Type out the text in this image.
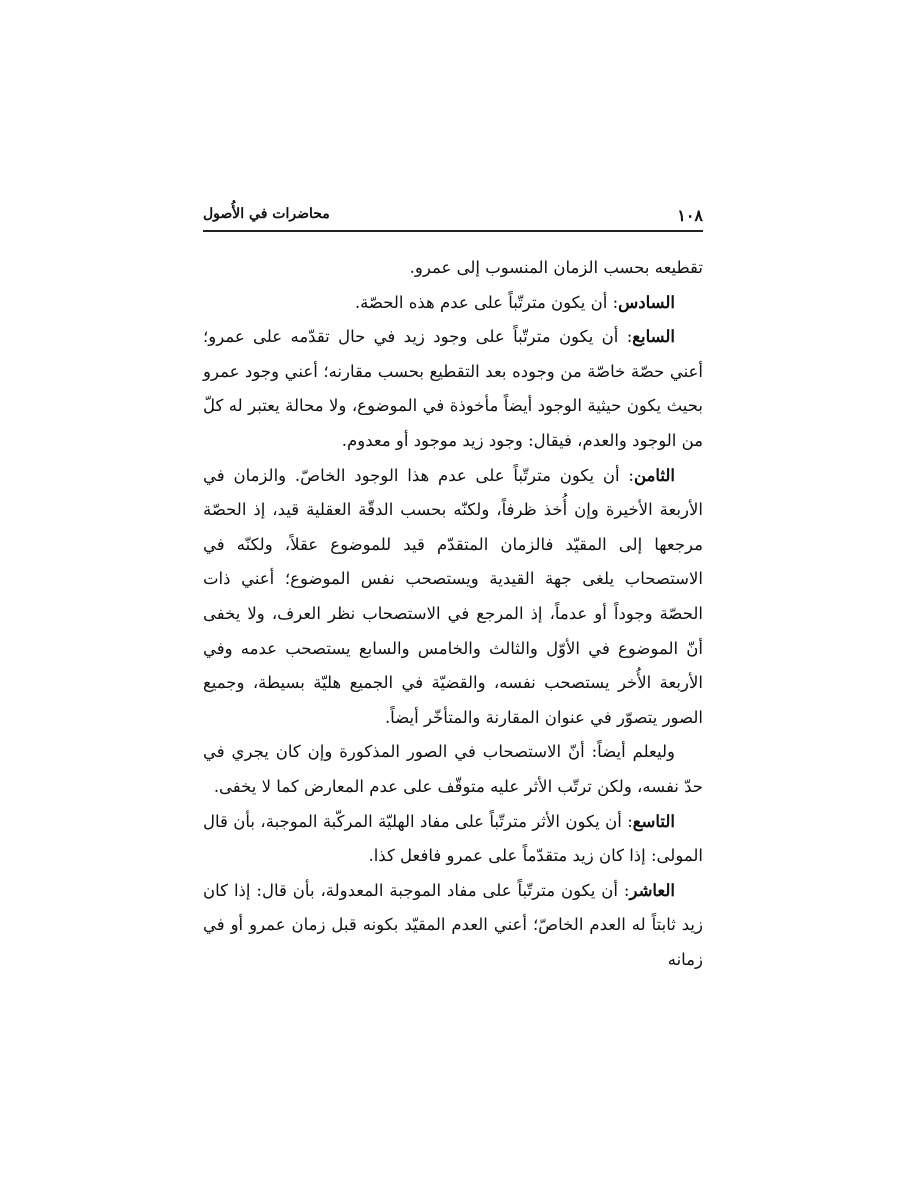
١٠٨
محاضرات في الأُصول

تقطيعه بحسب الزمان المنسوب إلى عمرو.

السادس: أن يكون مترتّباً على عدم هذه الحصّة.

السابع: أن يكون مترتّباً على وجود زيد في حال تقدّمه على عمرو؛ أعني حصّة خاصّة من وجوده بعد التقطيع بحسب مقارنه؛ أعني وجود عمرو بحيث يكون حيثية الوجود أيضاً مأخوذة في الموضوع، ولا محالة يعتبر له كلّ من الوجود والعدم، فيقال: وجود زيد موجود أو معدوم.

الثامن: أن يكون مترتّباً على عدم هذا الوجود الخاصّ. والزمان في الأربعة الأخيرة وإن أُخذ ظرفاً، ولكنّه بحسب الدقّة العقلية قيد، إذ الحصّة مرجعها إلى المقيّد فالزمان المتقدّم قيد للموضوع عقلاً، ولكنّه في الاستصحاب يلغى جهة القيدية ويستصحب نفس الموضوع؛ أعني ذات الحصّة وجوداً أو عدماً، إذ المرجع في الاستصحاب نظر العرف، ولا يخفى أنّ الموضوع في الأوّل والثالث والخامس والسابع يستصحب عدمه وفي الأربعة الأُخر يستصحب نفسه، والقضيّة في الجميع هليّة بسيطة، وجميع الصور يتصوّر في عنوان المقارنة والمتأخّر أيضاً.

وليعلم أيضاً: أنّ الاستصحاب في الصور المذكورة وإن كان يجري في حدّ نفسه، ولكن ترتّب الأثر عليه متوقّف على عدم المعارض كما لا يخفى.

التاسع: أن يكون الأثر مترتّباً على مفاد الهليّة المركّبة الموجبة، بأن قال المولى: إذا كان زيد متقدّماً على عمرو فافعل كذا.

العاشر: أن يكون مترتّباً على مفاد الموجبة المعدولة، بأن قال: إذا كان زيد ثابتاً له العدم الخاصّ؛ أعني العدم المقيّد بكونه قبل زمان عمرو أو في زمانه
